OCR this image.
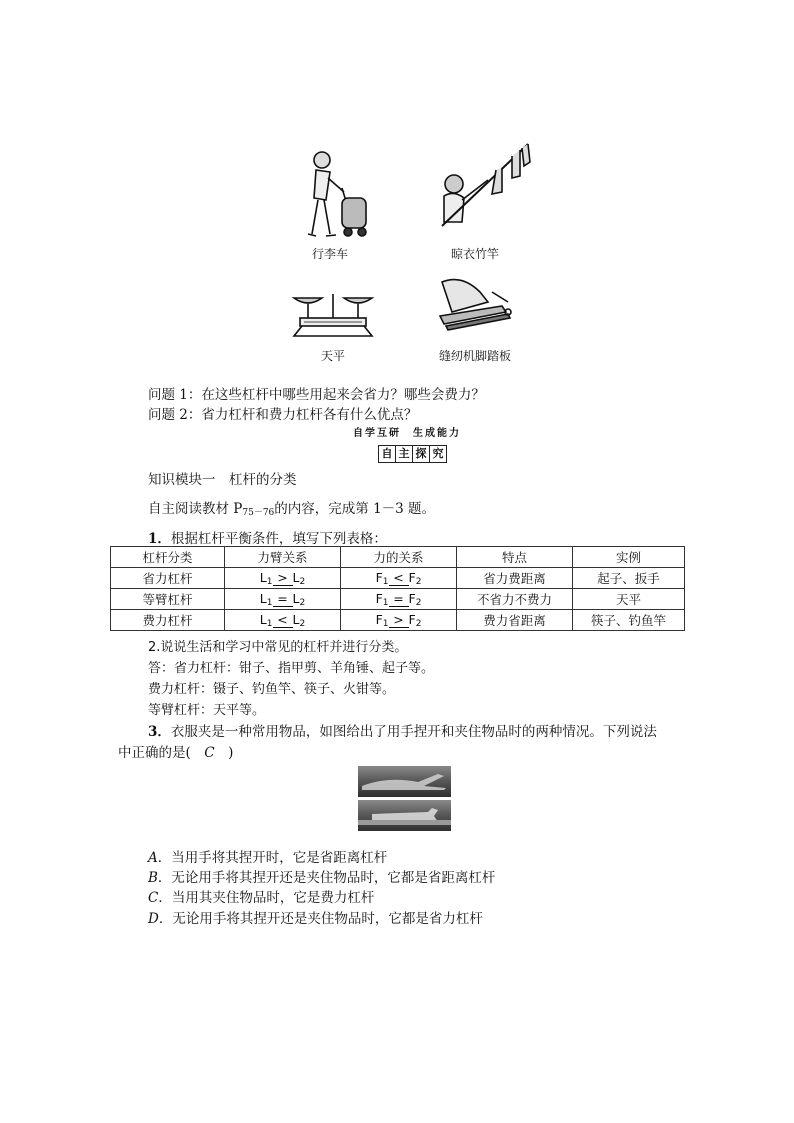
行李车	晾衣竹竿
天平	缝纫机脚踏板
问题 1：在这些杠杆中哪些用起来会省力？哪些会费力？
问题 2：省力杠杆和费力杠杆各有什么优点？
自学互研　生成能力
自 主 探 究
知识模块一　杠杆的分类
自主阅读教材 $P_{75-76}$的内容，完成第 1－3 题。
1．根据杠杆平衡条件，填写下列表格：
杠杆分类	力臂关系	力的关系	特点	实例
省力杠杆	$L_1 > L_2$	$F_1 < F_2$	省力费距离	起子、扳手
等臂杠杆	$L_1 = L_2$	$F_1 = F_2$	不省力不费力	天平
费力杠杆	$L_1 < L_2$	$F_1 > F_2$	费力省距离	筷子、钓鱼竿
2.说说生活和学习中常见的杠杆并进行分类。
答：省力杠杆：钳子、指甲剪、羊角锤、起子等。
费力杠杆：镊子、钓鱼竿、筷子、火钳等。
等臂杠杆：天平等。
3．衣服夹是一种常用物品，如图给出了用手捏开和夹住物品时的两种情况。下列说法
中正确的是(　C　)
A．当用手将其捏开时，它是省距离杠杆
B．无论用手将其捏开还是夹住物品时，它都是省距离杠杆
C．当用其夹住物品时，它是费力杠杆
D．无论用手将其捏开还是夹住物品时，它都是省力杠杆
